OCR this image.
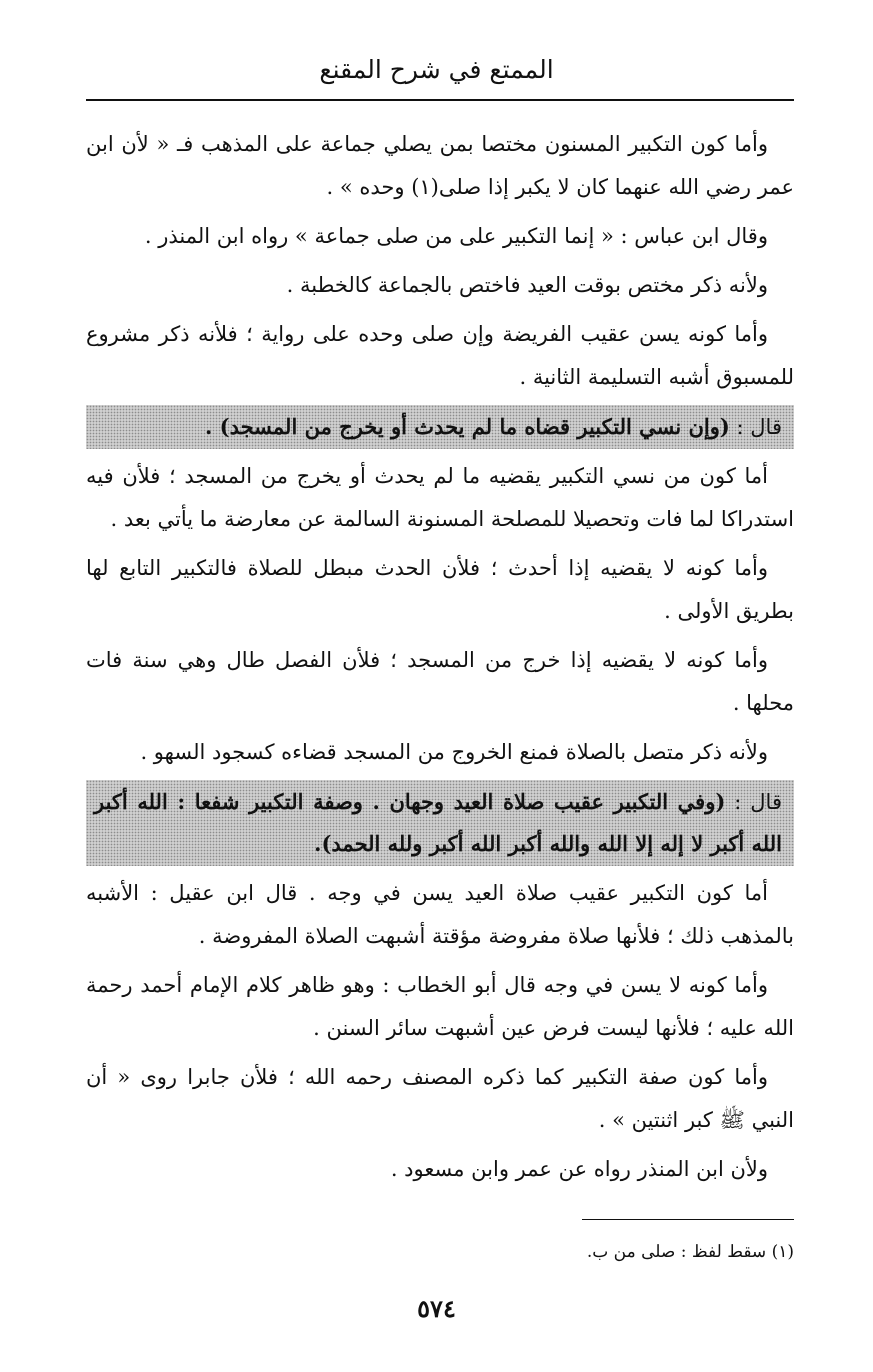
الممتع في شرح المقنع

وأما كون التكبير المسنون مختصا بمن يصلي جماعة على المذهب فـ « لأن ابن عمر رضي الله عنهما كان لا يكبر إذا صلى(١) وحده » .

وقال ابن عباس : « إنما التكبير على من صلى جماعة » رواه ابن المنذر .

ولأنه ذكر مختص بوقت العيد فاختص بالجماعة كالخطبة .

وأما كونه يسن عقيب الفريضة وإن صلى وحده على رواية ؛ فلأنه ذكر مشروع للمسبوق أشبه التسليمة الثانية .

قال : (وإن نسي التكبير قضاه ما لم يحدث أو يخرج من المسجد) .

أما كون من نسي التكبير يقضيه ما لم يحدث أو يخرج من المسجد ؛ فلأن فيه استدراكا لما فات وتحصيلا للمصلحة المسنونة السالمة عن معارضة ما يأتي بعد .

وأما كونه لا يقضيه إذا أحدث ؛ فلأن الحدث مبطل للصلاة فالتكبير التابع لها بطريق الأولى .

وأما كونه لا يقضيه إذا خرج من المسجد ؛ فلأن الفصل طال وهي سنة فات محلها .

ولأنه ذكر متصل بالصلاة فمنع الخروج من المسجد قضاءه كسجود السهو .

قال : (وفي التكبير عقيب صلاة العيد وجهان . وصفة التكبير شفعا : الله أكبر الله أكبر لا إله إلا الله والله أكبر الله أكبر ولله الحمد).

أما كون التكبير عقيب صلاة العيد يسن في وجه . قال ابن عقيل : الأشبه بالمذهب ذلك ؛ فلأنها صلاة مفروضة مؤقتة أشبهت الصلاة المفروضة .

وأما كونه لا يسن في وجه قال أبو الخطاب : وهو ظاهر كلام الإمام أحمد رحمة الله عليه ؛ فلأنها ليست فرض عين أشبهت سائر السنن .

وأما كون صفة التكبير كما ذكره المصنف رحمه الله ؛ فلأن جابرا روى « أن النبي ﷺ كبر اثنتين » .

ولأن ابن المنذر رواه عن عمر وابن مسعود .

(١) سقط لفظ : صلى من ب.
٥٧٤
